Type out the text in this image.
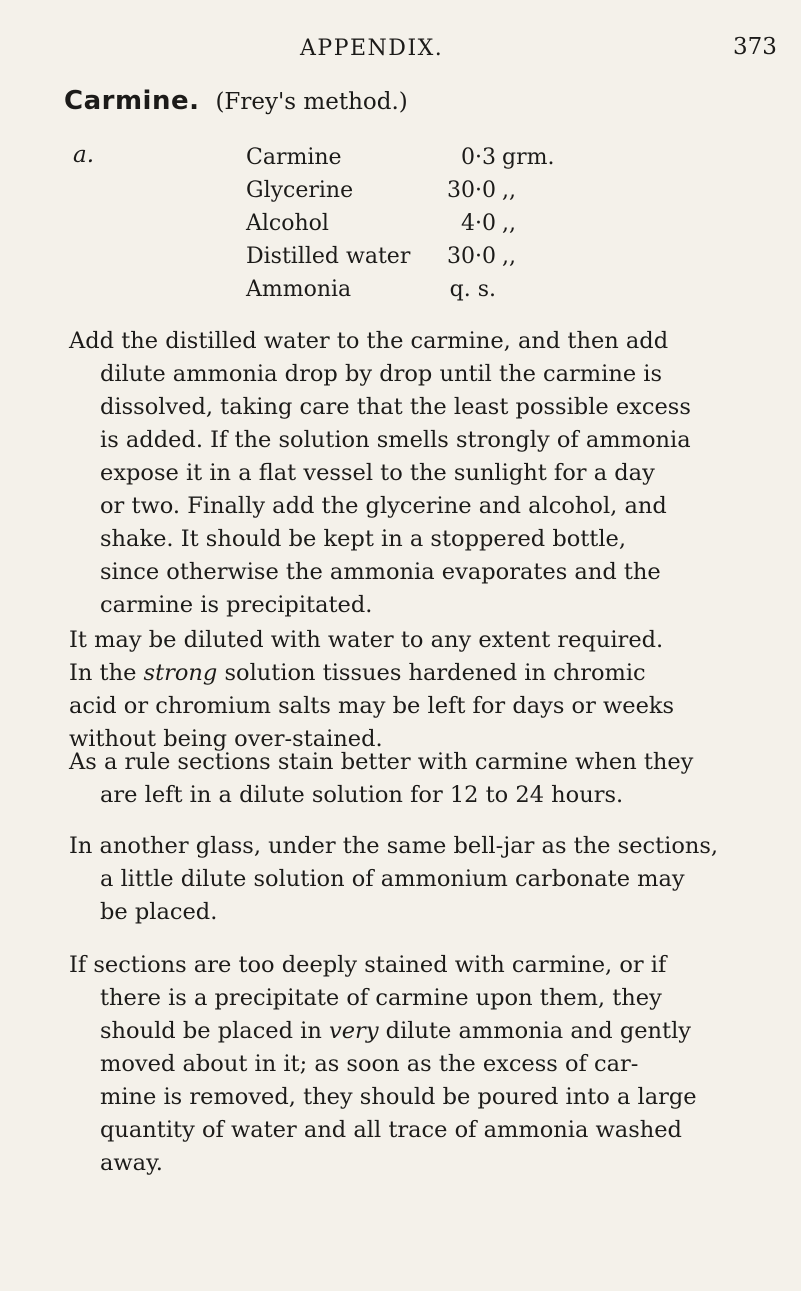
APPENDIX.	373
Carmine. (Frey's method.)
a.	Carmine	0·3 grm.
Glycerine	30·0 ,,
Alcohol	4·0 ,,
Distilled water	30·0 ,,
Ammonia	q. s.

Add the distilled water to the carmine, and then add
dilute ammonia drop by drop until the carmine is
dissolved, taking care that the least possible excess
is added. If the solution smells strongly of ammonia
expose it in a flat vessel to the sunlight for a day
or two. Finally add the glycerine and alcohol, and
shake. It should be kept in a stoppered bottle,
since otherwise the ammonia evaporates and the
carmine is precipitated.

It may be diluted with water to any extent required.
In the strong solution tissues hardened in chromic
acid or chromium salts may be left for days or weeks
without being over-stained.

As a rule sections stain better with carmine when they
are left in a dilute solution for 12 to 24 hours.

In another glass, under the same bell-jar as the sections,
a little dilute solution of ammonium carbonate may
be placed.

If sections are too deeply stained with carmine, or if
there is a precipitate of carmine upon them, they
should be placed in very dilute ammonia and gently
moved about in it; as soon as the excess of car-
mine is removed, they should be poured into a large
quantity of water and all trace of ammonia washed
away.
